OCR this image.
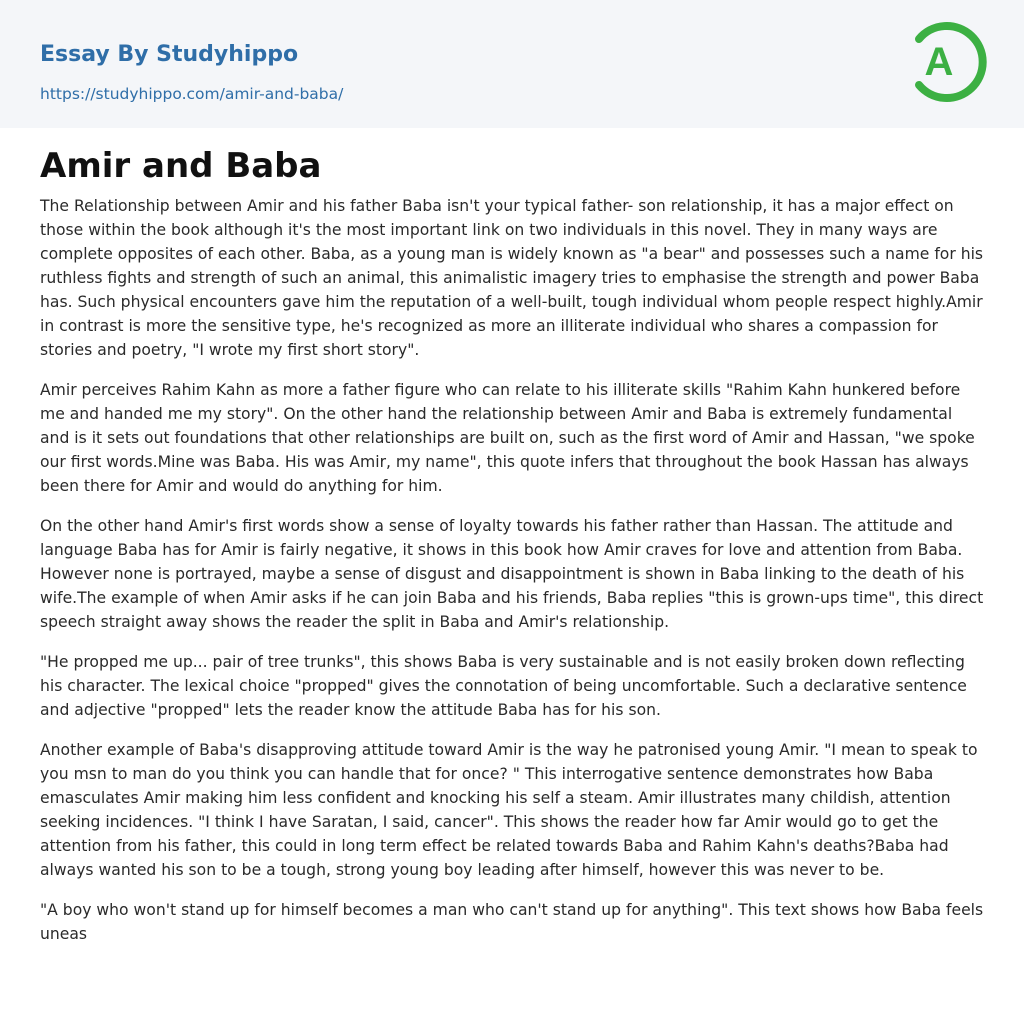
Essay By Studyhippo
https://studyhippo.com/amir-and-baba/
A
Amir and Baba

The Relationship between Amir and his father Baba isn't your typical father- son relationship, it has a major effect on those within the book although it's the most important link on two individuals in this novel. They in many ways are complete opposites of each other. Baba, as a young man is widely known as "a bear" and possesses such a name for his ruthless fights and strength of such an animal, this animalistic imagery tries to emphasise the strength and power Baba has. Such physical encounters gave him the reputation of a well-built, tough individual whom people respect highly.Amir in contrast is more the sensitive type, he's recognized as more an illiterate individual who shares a compassion for stories and poetry, "I wrote my first short story".

Amir perceives Rahim Kahn as more a father figure who can relate to his illiterate skills "Rahim Kahn hunkered before me and handed me my story". On the other hand the relationship between Amir and Baba is extremely fundamental and is it sets out foundations that other relationships are built on, such as the first word of Amir and Hassan, "we spoke our first words.Mine was Baba. His was Amir, my name", this quote infers that throughout the book Hassan has always been there for Amir and would do anything for him.

On the other hand Amir's first words show a sense of loyalty towards his father rather than Hassan. The attitude and language Baba has for Amir is fairly negative, it shows in this book how Amir craves for love and attention from Baba. However none is portrayed, maybe a sense of disgust and disappointment is shown in Baba linking to the death of his wife.The example of when Amir asks if he can join Baba and his friends, Baba replies "this is grown-ups time", this direct speech straight away shows the reader the split in Baba and Amir's relationship.

"He propped me up... pair of tree trunks", this shows Baba is very sustainable and is not easily broken down reflecting his character. The lexical choice "propped" gives the connotation of being uncomfortable. Such a declarative sentence and adjective "propped" lets the reader know the attitude Baba has for his son.

Another example of Baba's disapproving attitude toward Amir is the way he patronised young Amir. "I mean to speak to you msn to man do you think you can handle that for once? " This interrogative sentence demonstrates how Baba emasculates Amir making him less confident and knocking his self a steam. Amir illustrates many childish, attention seeking incidences. "I think I have Saratan, I said, cancer". This shows the reader how far Amir would go to get the attention from his father, this could in long term effect be related towards Baba and Rahim Kahn's deaths?Baba had always wanted his son to be a tough, strong young boy leading after himself, however this was never to be.

"A boy who won't stand up for himself becomes a man who can't stand up for anything". This text shows how Baba feels uneas
